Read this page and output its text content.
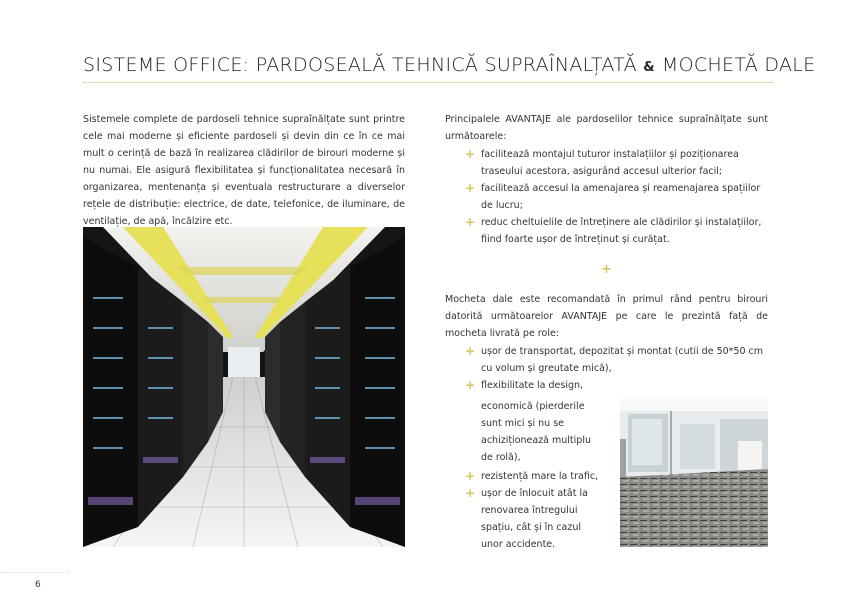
SISTEME OFFICE: PARDOSEALĂ TEHNICĂ SUPRAÎNALȚATĂ & MOCHETĂ DALE
Sistemele complete de pardoseli tehnice supraînălțate sunt printre cele mai moderne și eficiente pardoseli și devin din ce în ce mai mult o cerință de bază în realizarea clădirilor de birouri moderne și nu numai. Ele asigură flexibilitatea și funcționalitatea necesară în organizarea, mentenanța și eventuala restructurare a diverselor rețele de distribuție: electrice, de date, telefonice, de iluminare, de ventilație, de apă, încălzire etc.
Principalele AVANTAJE ale pardoselilor tehnice supraînălțate sunt următoarele:
+ facilitează montajul tuturor instalațiilor și poziționarea traseului acestora, asigurând accesul ulterior facil;
+ facilitează accesul la amenajarea și reamenajarea spațiilor de lucru;
+ reduc cheltuielile de întreținere ale clădirilor și instalațiilor, fiind foarte ușor de întreținut și curățat.
+
Mocheta dale este recomandată în primul rând pentru birouri datorită următoarelor AVANTAJE pe care le prezintă față de mocheta livrată pe role:
+ ușor de transportat, depozitat și montat (cutii de 50*50 cm cu volum și greutate mică),
+ flexibilitate la design,
economică (pierderile
sunt mici și nu se
achiziționează multiplu
de rolă),
+ rezistență mare la trafic,
+ ușor de înlocuit atât la renovarea întregului spațiu, cât și în cazul unor accidente.
6
